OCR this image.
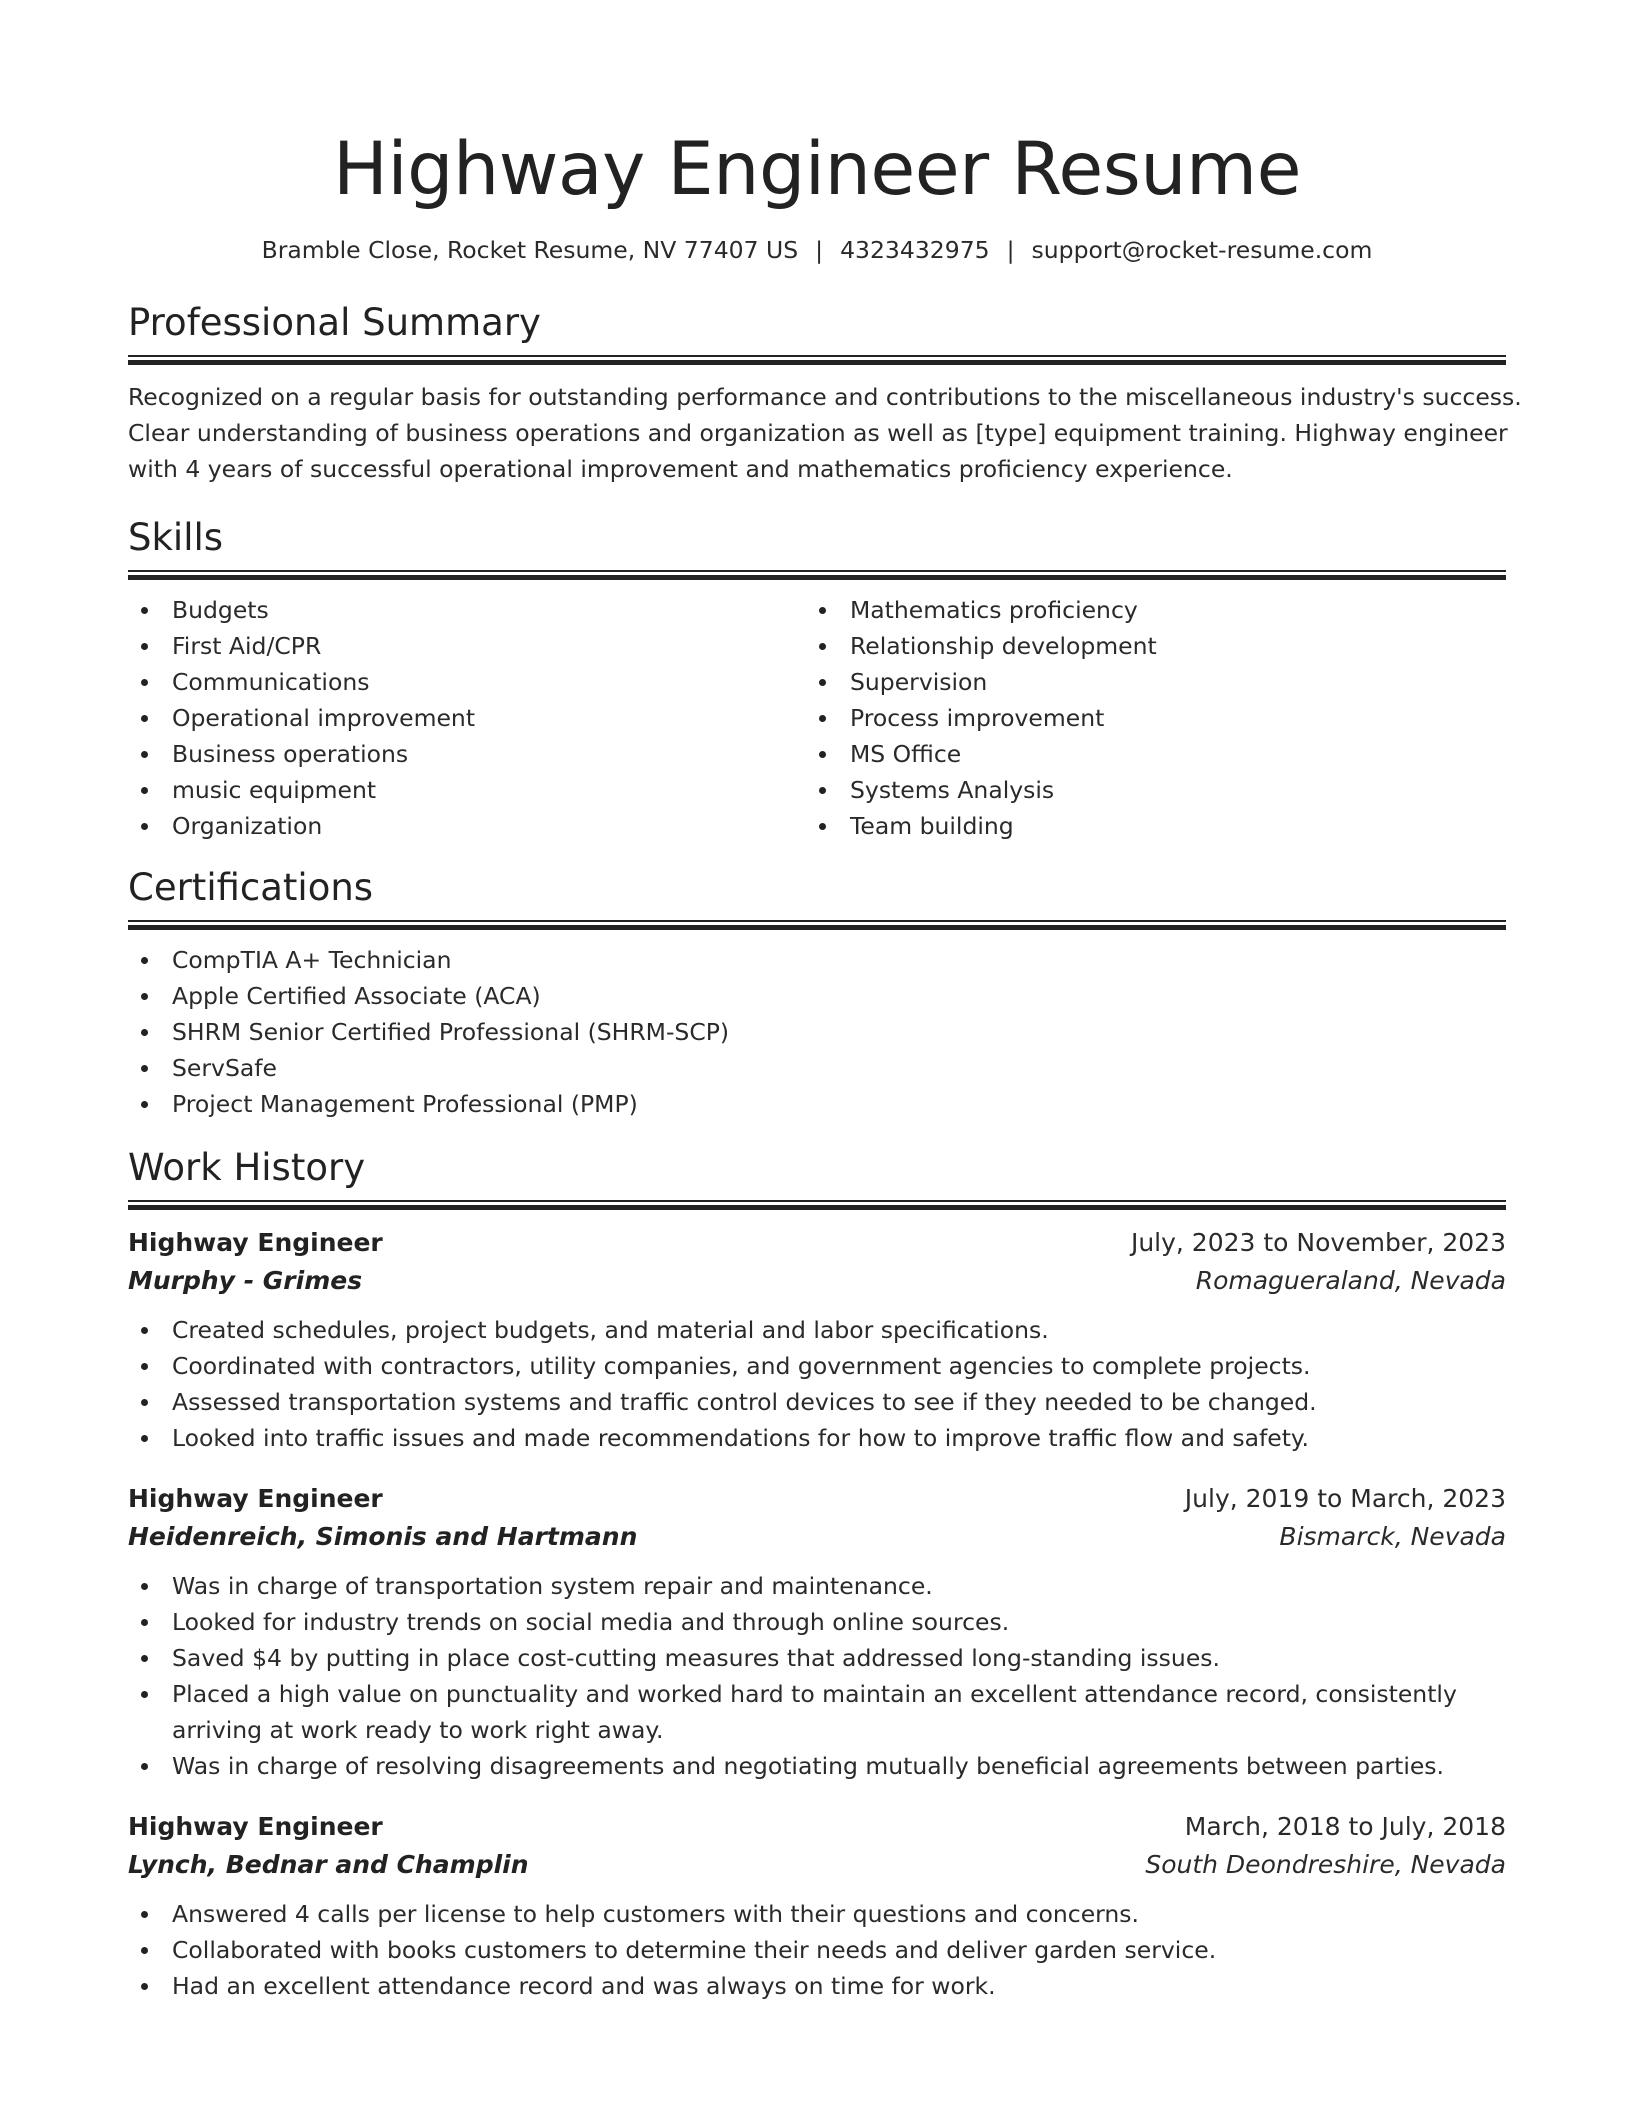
Highway Engineer Resume
Bramble Close, Rocket Resume, NV 77407 US | 4323432975 | support@rocket-resume.com
Professional Summary
Recognized on a regular basis for outstanding performance and contributions to the miscellaneous industry's success.
Clear understanding of business operations and organization as well as [type] equipment training. Highway engineer
with 4 years of successful operational improvement and mathematics proficiency experience.
Skills
Budgets
First Aid/CPR
Communications
Operational improvement
Business operations
music equipment
Organization
Mathematics proficiency
Relationship development
Supervision
Process improvement
MS Office
Systems Analysis
Team building
Certifications
CompTIA A+ Technician
Apple Certified Associate (ACA)
SHRM Senior Certified Professional (SHRM-SCP)
ServSafe
Project Management Professional (PMP)
Work History
Highway Engineer	July, 2023 to November, 2023
Murphy - Grimes	Romagueraland, Nevada
Created schedules, project budgets, and material and labor specifications.
Coordinated with contractors, utility companies, and government agencies to complete projects.
Assessed transportation systems and traffic control devices to see if they needed to be changed.
Looked into traffic issues and made recommendations for how to improve traffic flow and safety.
Highway Engineer	July, 2019 to March, 2023
Heidenreich, Simonis and Hartmann	Bismarck, Nevada
Was in charge of transportation system repair and maintenance.
Looked for industry trends on social media and through online sources.
Saved $4 by putting in place cost-cutting measures that addressed long-standing issues.
Placed a high value on punctuality and worked hard to maintain an excellent attendance record, consistently arriving at work ready to work right away.
Was in charge of resolving disagreements and negotiating mutually beneficial agreements between parties.
Highway Engineer	March, 2018 to July, 2018
Lynch, Bednar and Champlin	South Deondreshire, Nevada
Answered 4 calls per license to help customers with their questions and concerns.
Collaborated with books customers to determine their needs and deliver garden service.
Had an excellent attendance record and was always on time for work.
